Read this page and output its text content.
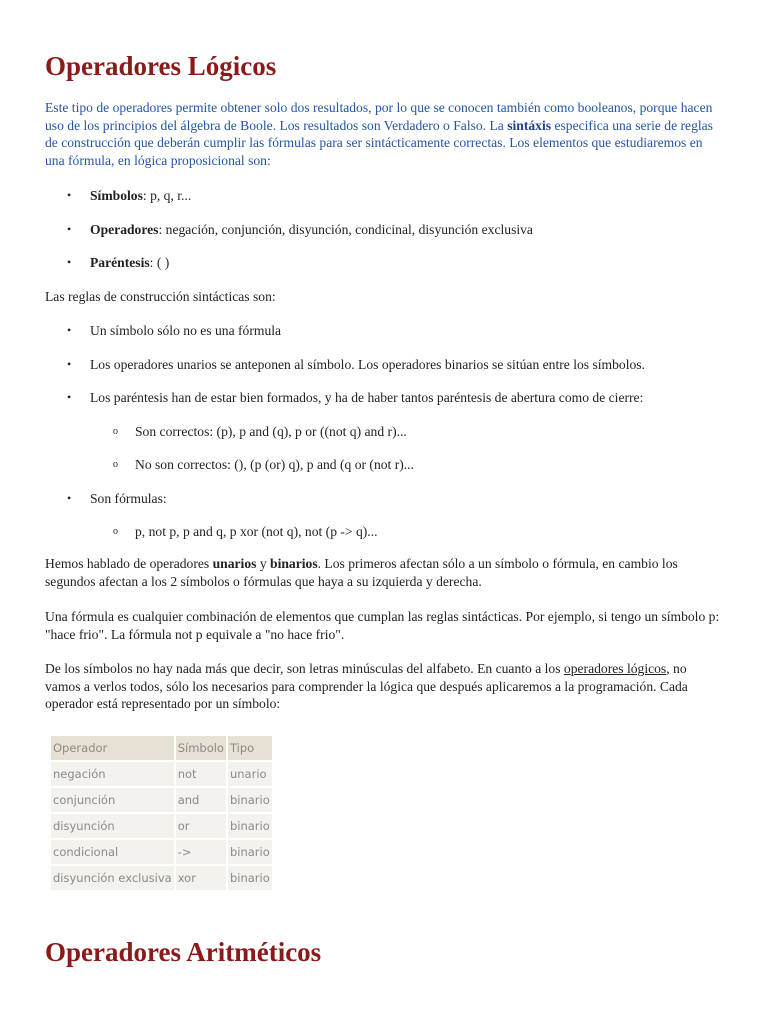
Operadores Lógicos

Este tipo de operadores permite obtener solo dos resultados, por lo que se conocen también como booleanos, porque hacen uso de los principios del álgebra de Boole. Los resultados son Verdadero o Falso. La sintáxis especifica una serie de reglas de construcción que deberán cumplir las fórmulas para ser sintácticamente correctas. Los elementos que estudiaremos en una fórmula, en lógica proposicional son:

• Símbolos: p, q, r...
• Operadores: negación, conjunción, disyunción, condicinal, disyunción exclusiva
• Paréntesis: ( )

Las reglas de construcción sintácticas son:

• Un símbolo sólo no es una fórmula
• Los operadores unarios se anteponen al símbolo. Los operadores binarios se sitúan entre los símbolos.
• Los paréntesis han de estar bien formados, y ha de haber tantos paréntesis de abertura como de cierre:
o Son correctos: (p), p and (q), p or ((not q) and r)...
o No son correctos: (), (p (or) q), p and (q or (not r)...
• Son fórmulas:
o p, not p, p and q, p xor (not q), not (p -> q)...

Hemos hablado de operadores unarios y binarios. Los primeros afectan sólo a un símbolo o fórmula, en cambio los segundos afectan a los 2 símbolos o fórmulas que haya a su izquierda y derecha.

Una fórmula es cualquier combinación de elementos que cumplan las reglas sintácticas. Por ejemplo, si tengo un símbolo p: "hace frio". La fórmula not p equivale a "no hace frio".

De los símbolos no hay nada más que decir, son letras minúsculas del alfabeto. En cuanto a los operadores lógicos, no vamos a verlos todos, sólo los necesarios para comprender la lógica que después aplicaremos a la programación. Cada operador está representado por un símbolo:

Operador	Símbolo	Tipo
negación	not	unario
conjunción	and	binario
disyunción	or	binario
condicional	->	binario
disyunción exclusiva	xor	binario
Operadores Aritméticos
